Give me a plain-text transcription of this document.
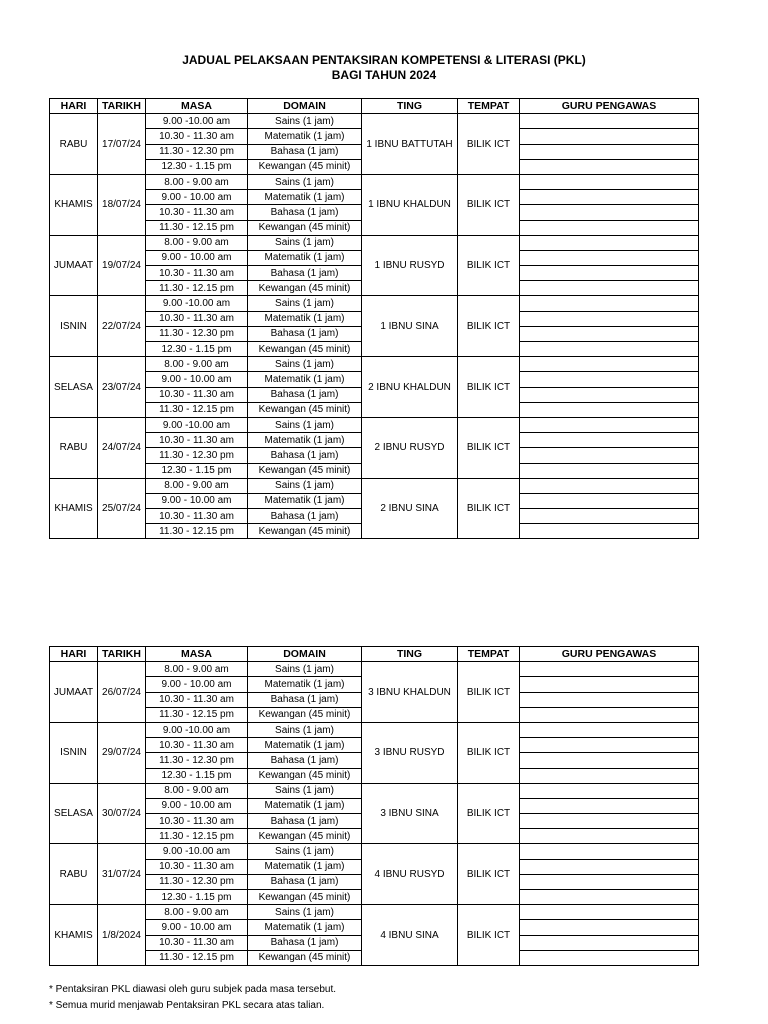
JADUAL PELAKSAAN PENTAKSIRAN KOMPETENSI & LITERASI (PKL)
BAGI TAHUN 2024
HARI	TARIKH	MASA	DOMAIN	TING	TEMPAT	GURU PENGAWAS
RABU	17/07/24	9.00 -10.00 am	Sains (1 jam)	1 IBNU BATTUTAH	BILIK ICT	
		10.30 - 11.30 am	Matematik (1 jam)			
		11.30 - 12.30 pm	Bahasa (1 jam)			
		12.30 - 1.15 pm	Kewangan (45 minit)			
KHAMIS	18/07/24	8.00 - 9.00 am	Sains (1 jam)	1 IBNU KHALDUN	BILIK ICT	
		9.00 - 10.00 am	Matematik (1 jam)			
		10.30 - 11.30 am	Bahasa (1 jam)			
		11.30 - 12.15 pm	Kewangan (45 minit)			
JUMAAT	19/07/24	8.00 - 9.00 am	Sains (1 jam)	1 IBNU RUSYD	BILIK ICT	
		9.00 - 10.00 am	Matematik (1 jam)			
		10.30 - 11.30 am	Bahasa (1 jam)			
		11.30 - 12.15 pm	Kewangan (45 minit)			
ISNIN	22/07/24	9.00 -10.00 am	Sains (1 jam)	1 IBNU SINA	BILIK ICT	
		10.30 - 11.30 am	Matematik (1 jam)			
		11.30 - 12.30 pm	Bahasa (1 jam)			
		12.30 - 1.15 pm	Kewangan (45 minit)			
SELASA	23/07/24	8.00 - 9.00 am	Sains (1 jam)	2 IBNU KHALDUN	BILIK ICT	
		9.00 - 10.00 am	Matematik (1 jam)			
		10.30 - 11.30 am	Bahasa (1 jam)			
		11.30 - 12.15 pm	Kewangan (45 minit)			
RABU	24/07/24	9.00 -10.00 am	Sains (1 jam)	2 IBNU RUSYD	BILIK ICT	
		10.30 - 11.30 am	Matematik (1 jam)			
		11.30 - 12.30 pm	Bahasa (1 jam)			
		12.30 - 1.15 pm	Kewangan (45 minit)			
KHAMIS	25/07/24	8.00 - 9.00 am	Sains (1 jam)	2 IBNU SINA	BILIK ICT	
		9.00 - 10.00 am	Matematik (1 jam)			
		10.30 - 11.30 am	Bahasa (1 jam)			
		11.30 - 12.15 pm	Kewangan (45 minit)			
HARI	TARIKH	MASA	DOMAIN	TING	TEMPAT	GURU PENGAWAS
JUMAAT	26/07/24	8.00 - 9.00 am	Sains (1 jam)	3 IBNU KHALDUN	BILIK ICT	
		9.00 - 10.00 am	Matematik (1 jam)			
		10.30 - 11.30 am	Bahasa (1 jam)			
		11.30 - 12.15 pm	Kewangan (45 minit)			
ISNIN	29/07/24	9.00 -10.00 am	Sains (1 jam)	3 IBNU RUSYD	BILIK ICT	
		10.30 - 11.30 am	Matematik (1 jam)			
		11.30 - 12.30 pm	Bahasa (1 jam)			
		12.30 - 1.15 pm	Kewangan (45 minit)			
SELASA	30/07/24	8.00 - 9.00 am	Sains (1 jam)	3 IBNU SINA	BILIK ICT	
		9.00 - 10.00 am	Matematik (1 jam)			
		10.30 - 11.30 am	Bahasa (1 jam)			
		11.30 - 12.15 pm	Kewangan (45 minit)			
RABU	31/07/24	9.00 -10.00 am	Sains (1 jam)	4 IBNU RUSYD	BILIK ICT	
		10.30 - 11.30 am	Matematik (1 jam)			
		11.30 - 12.30 pm	Bahasa (1 jam)			
		12.30 - 1.15 pm	Kewangan (45 minit)			
KHAMIS	1/8/2024	8.00 - 9.00 am	Sains (1 jam)	4 IBNU SINA	BILIK ICT	
		9.00 - 10.00 am	Matematik (1 jam)			
		10.30 - 11.30 am	Bahasa (1 jam)			
		11.30 - 12.15 pm	Kewangan (45 minit)			
* Pentaksiran PKL diawasi oleh guru subjek pada masa tersebut.
* Semua murid menjawab Pentaksiran PKL secara atas talian.
